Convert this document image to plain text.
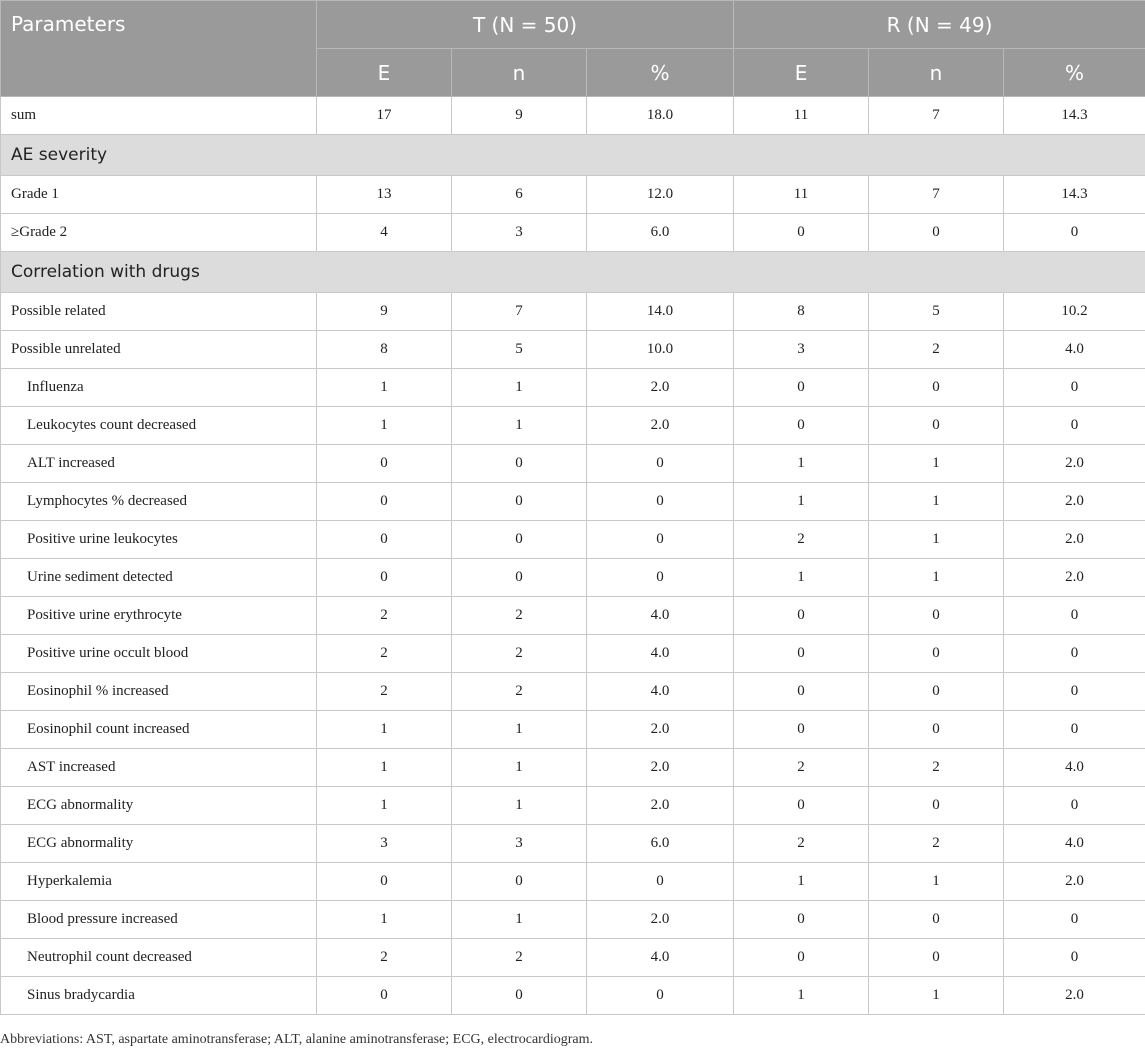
Parameters	T (N = 50)			R (N = 49)		
	E	n	%	E	n	%
sum	17	9	18.0	11	7	14.3
AE severity						
Grade 1	13	6	12.0	11	7	14.3
≥Grade 2	4	3	6.0	0	0	0
Correlation with drugs						
Possible related	9	7	14.0	8	5	10.2
Possible unrelated	8	5	10.0	3	2	4.0
Influenza	1	1	2.0	0	0	0
Leukocytes count decreased	1	1	2.0	0	0	0
ALT increased	0	0	0	1	1	2.0
Lymphocytes % decreased	0	0	0	1	1	2.0
Positive urine leukocytes	0	0	0	2	1	2.0
Urine sediment detected	0	0	0	1	1	2.0
Positive urine erythrocyte	2	2	4.0	0	0	0
Positive urine occult blood	2	2	4.0	0	0	0
Eosinophil % increased	2	2	4.0	0	0	0
Eosinophil count increased	1	1	2.0	0	0	0
AST increased	1	1	2.0	2	2	4.0
ECG abnormality	1	1	2.0	0	0	0
ECG abnormality	3	3	6.0	2	2	4.0
Hyperkalemia	0	0	0	1	1	2.0
Blood pressure increased	1	1	2.0	0	0	0
Neutrophil count decreased	2	2	4.0	0	0	0
Sinus bradycardia	0	0	0	1	1	2.0
Abbreviations: AST, aspartate aminotransferase; ALT, alanine aminotransferase; ECG, electrocardiogram.
